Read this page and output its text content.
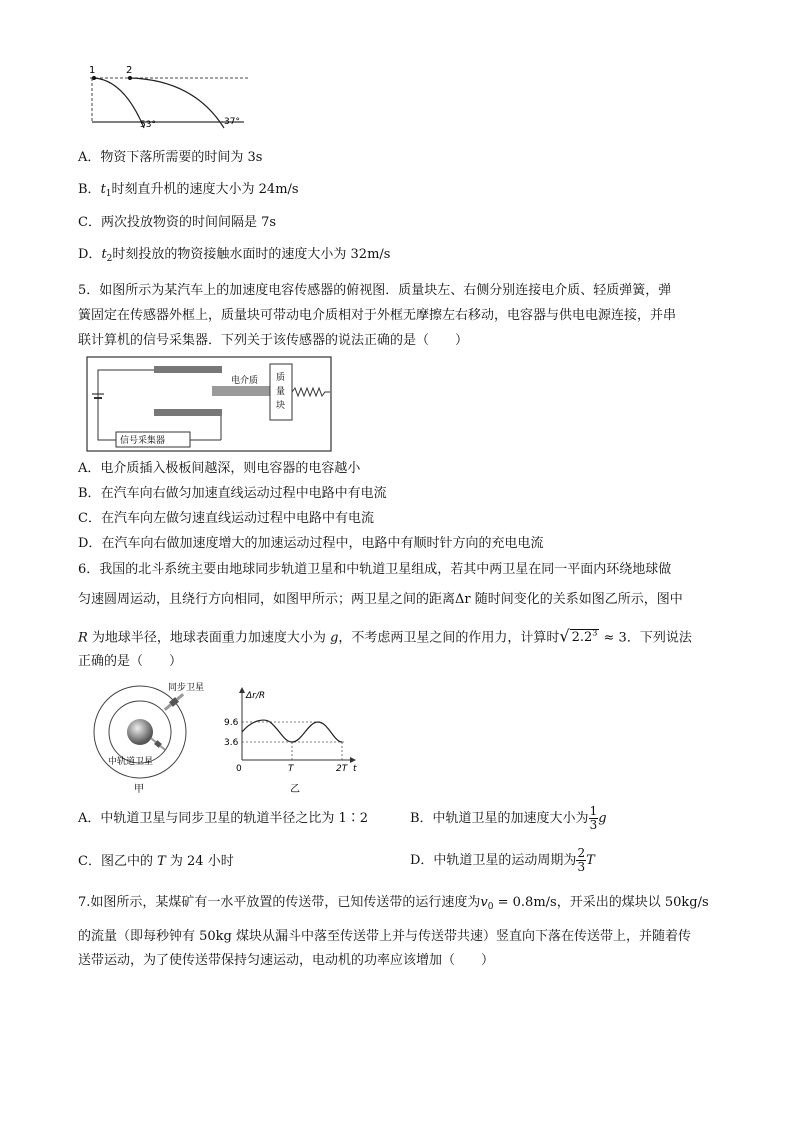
1	2
53°	37°
A．物资下落所需要的时间为 3s
B．$t_1$时刻直升机的速度大小为 24m/s
C．两次投放物资的时间间隔是 7s
D．$t_2$时刻投放的物资接触水面时的速度大小为 32m/s
5．如图所示为某汽车上的加速度电容传感器的俯视图．质量块左、右侧分别连接电介质、轻质弹簧，弹
簧固定在传感器外框上，质量块可带动电介质相对于外框无摩擦左右移动，电容器与供电电源连接，并串
联计算机的信号采集器．下列关于该传感器的说法正确的是（　　）
电介质 质
量
块
信号采集器
A．电介质插入极板间越深，则电容器的电容越小
B．在汽车向右做匀加速直线运动过程中电路中有电流
C．在汽车向左做匀速直线运动过程中电路中有电流
D．在汽车向右做加速度增大的加速运动过程中，电路中有顺时针方向的充电电流
6．我国的北斗系统主要由地球同步轨道卫星和中轨道卫星组成，若其中两卫星在同一平面内环绕地球做
匀速圆周运动，且绕行方向相同，如图甲所示；两卫星之间的距离Δr 随时间变化的关系如图乙所示，图中
R 为地球半径，地球表面重力加速度大小为 g，不考虑两卫星之间的作用力，计算时√ $2.2^3 \approx 3$．下列说法
正确的是（　　）
同步卫星
中轨道卫星
甲
Δr/R
9.6
3.6
0	T	2T t
乙
A．中轨道卫星与同步卫星的轨道半径之比为 1∶2	B．中轨道卫星的加速度大小为 $\frac{1}{3}$ g
C．图乙中的 T 为 24 小时	D．中轨道卫星的运动周期为 $\frac{2}{3}$ T
7.如图所示，某煤矿有一水平放置的传送带，已知传送带的运行速度为$v_0 = 0.8m/s$，开采出的煤块以 50kg/s
的流量（即每秒钟有 50kg 煤块从漏斗中落至传送带上并与传送带共速）竖直向下落在传送带上，并随着传
送带运动，为了使传送带保持匀速运动，电动机的功率应该增加（　　）
